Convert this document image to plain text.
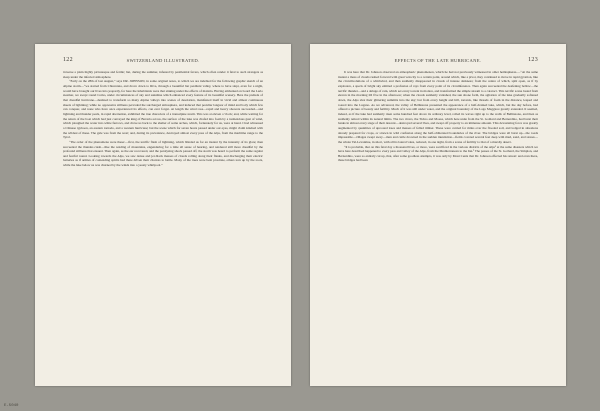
122	SWITZERLAND ILLUSTRATED.

traverse a plain highly picturesque and fertile; but, during the summer, infested by pestilential fevers, which often render it fatal to such strangers as sleep under the infected atmosphere.

“Early on the 28th of last August,” says DR. JOHNSON, in some original notes, to which we are indebted for the following graphic sketch of an Alpine storm—“we started from Chiavenna, and drove down to Riva, through a beautiful but pestilent valley, where to have slept, even for a night, would have brought our lives into jeopardy, for here the inhabitants were that sinking under the effects of malaria. Having embarked on board the Lario steamer, we swept round Como, under circumstances of sky and sunshine which enhanced every feature of its beautiful scenery. Here the prelude of that dreadful hurricane—destined to transform so many Alpine valleys into scenes of desolation, manifested itself in vivid and almost continuous sheets of lightning; while no oppressive stillness pervaded the surcharged atmosphere, and induced that peculiar languor of mind and body which few can conquer, and none who have once experienced its effects, can ever forget. At length the wind rose—rapid and heavy showers succeeded—and lightning and thunder peals, in rapid alternation, exhibited the true characters of a transalpine storm. This was at eleven o’clock; and, while waiting for the return of the boat which had just conveyed the king of Bavaria across, the surface of the lake was chafed into foam by a tremendous gust of wind, which ploughed the water into white furrows, and drove us back to the shelter of some arches, which, fortunately for us, were at hand. I had witnessed a Chinese typhoon, an eastern tornado, and a western hurricane; but the scene which for seven hours passed under our eyes, might claim kindred with the wildest of these. The gale was from the west; and, during its prevalence, destroyed almost every pass of the Alps, from the maritime range to the Tyrol.

“The order of the phenomena were these:—first, the terrific flash of lightning, which blinded us for an instant by the intensity of its glare; then succeeded the thunder-crash—like the rending of mountains, engendering for a time all sense of hearing, and rendered still more dreadful by the profound stillness that ensued. Then again, as the ear recovered, and the paralysing shock passed off, the storm was heard to perform the same regular and fearful round. Looking towards the Alps, we saw dense and jet-black masses of clouds rolling along their flanks, and discharging their electric batteries as if armies of contending spirits had there driven their chariots to battle. Many of the trees were bent prostrate, others torn up by the roots, while the lake below us was churned by the winds into a yeasty whirlpool.”

EFFECTS OF THE LATE HURRICANE.	123

It was here that Dr. Johnson observed an atmospheric phenomenon, which he had not previously witnessed in other hemispheres.—“At the same instant a mass of clouds rushed forward with great velocity to a certain point, around which, like a pivot, they continued to move in rapid gyration, like the circumvolutions of a whirlwind, and then suddenly disappeared in clouds of intense darkness; from the centre of which, split open, as if by explosion, a speck of bright sky emitted a profusion of rays from every point of its circumference. Then again succeeded the deafening bellow—the terrific thunder—and a deluge of rain, which set every torrent in motion, and transformed the simple stream to a cataract. This terrific scene lasted from eleven in the morning till five in the afternoon; when the clouds suddenly vanished, the sun shone forth, the agitation of the lake gradually softened down, the Alps shot their glittering summits into the sky; but from every height and hill, torrents, like threads of foam in the distance, leaped and roared into the Lugano. As we advanced, the valley of Bellinzona presented the appearance of a half-drained lake, which, but the day before, had offered a picture of beauty and fertility. Much of it was still under water, and the original boundary of the Lago Maggiore greatly extended. It seemed, indeed, as if the lake had suddenly risen some hundred feet above its ordinary level, rolled its waves right up to the walls of Bellinzona, and then as suddenly retired within its natural limits. The two rivers, the Ticino and Moesa, which here unite from the St. Gothard and Bernardino, had burst their banks in almost every stage of their descent—destroyed several lives, and swept off property to an immense amount. This devastating force was greatly augmented by quantities of uprooted trees and masses of felled timber. These were carried for miles over the flooded soil, and lodged in situations already prepared for crops, or strewn in wild confusion along the half-obliterated boundaries of the river. The bridges were all burst up—the roads impassable—villages swept away—men and cattle drowned in the sudden inundation—fields covered several feet deep with mud, sand, and stones—the whole Val-Levantine, in short, with all its lateral vales, reduced, in one night, from a scene of fertility to that of a marshy desert.

“It is probable, that on this fatal day a thousand lives, or more, were sacrificed in the various districts of the Alps¹ at the same disasters which we have here described happened to every pass and valley of the Alps, from the Mediterranean to the Inn.² The passes of the St. Gothard, the Simplon, and Bernardino, were so entirely cut up, that, after some goodless attempts, it was only by Mont Cenis that Dr. Johnson effected his retreat: and even there, three bridges had been

E-5040
